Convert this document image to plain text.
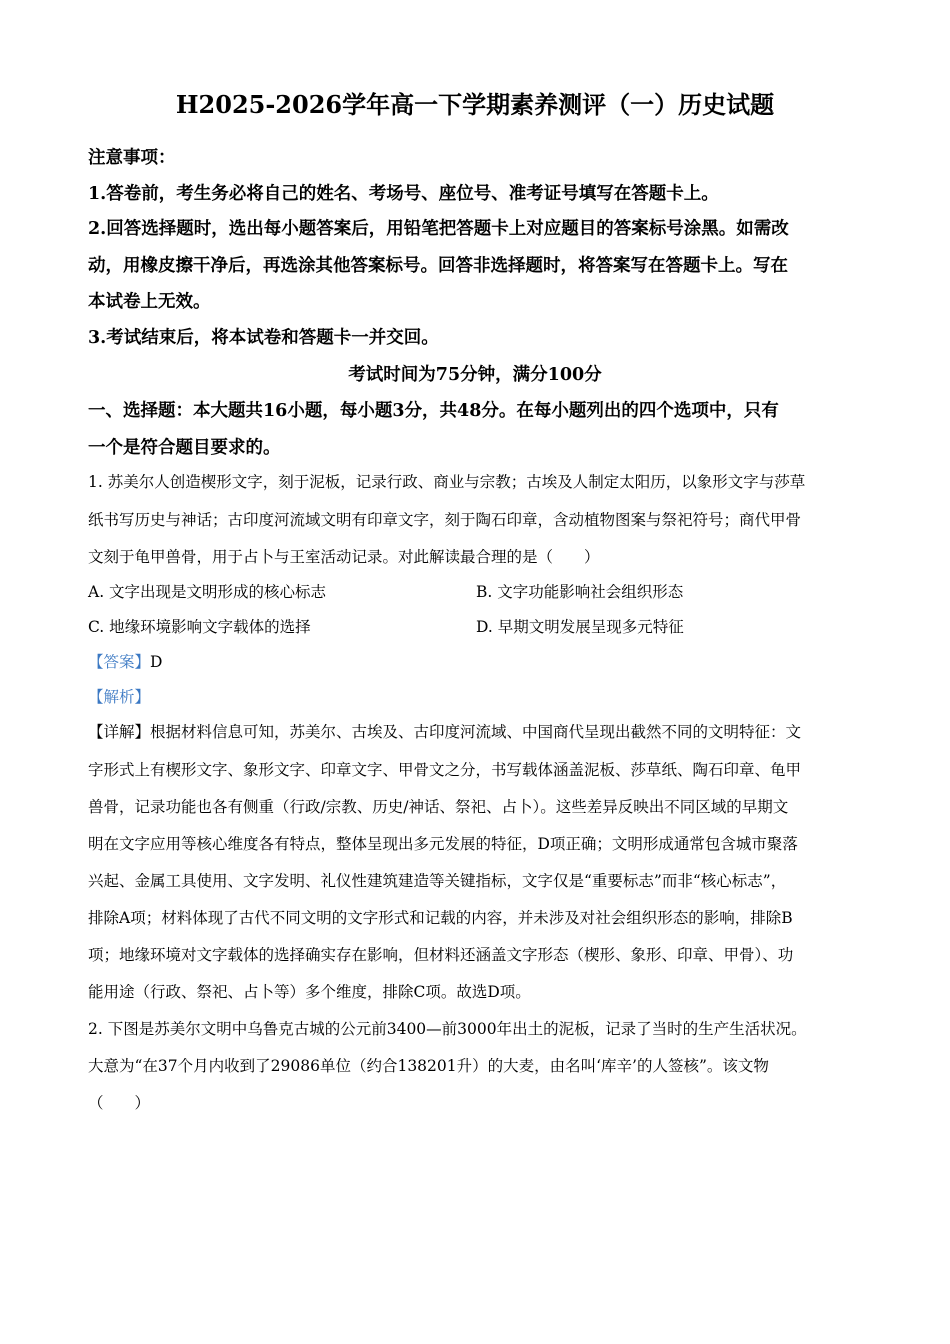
H2025-2026学年高一下学期素养测评（一）历史试题
注意事项：
1.答卷前，考生务必将自己的姓名、考场号、座位号、准考证号填写在答题卡上。
2.回答选择题时，选出每小题答案后，用铅笔把答题卡上对应题目的答案标号涂黑。如需改
动，用橡皮擦干净后，再选涂其他答案标号。回答非选择题时，将答案写在答题卡上。写在
本试卷上无效。
3.考试结束后，将本试卷和答题卡一并交回。
考试时间为75分钟，满分100分
一、选择题：本大题共16小题，每小题3分，共48分。在每小题列出的四个选项中，只有
一个是符合题目要求的。
1. 苏美尔人创造楔形文字，刻于泥板，记录行政、商业与宗教；古埃及人制定太阳历，以象形文字与莎草
纸书写历史与神话；古印度河流域文明有印章文字，刻于陶石印章，含动植物图案与祭祀符号；商代甲骨
文刻于龟甲兽骨，用于占卜与王室活动记录。对此解读最合理的是（　　）
A. 文字出现是文明形成的核心标志	B. 文字功能影响社会组织形态
C. 地缘环境影响文字载体的选择	D. 早期文明发展呈现多元特征
【答案】D
【解析】
【详解】根据材料信息可知，苏美尔、古埃及、古印度河流域、中国商代呈现出截然不同的文明特征：文
字形式上有楔形文字、象形文字、印章文字、甲骨文之分，书写载体涵盖泥板、莎草纸、陶石印章、龟甲
兽骨，记录功能也各有侧重（行政/宗教、历史/神话、祭祀、占卜）。这些差异反映出不同区域的早期文
明在文字应用等核心维度各有特点，整体呈现出多元发展的特征，D项正确；文明形成通常包含城市聚落
兴起、金属工具使用、文字发明、礼仪性建筑建造等关键指标，文字仅是“重要标志”而非“核心标志”，
排除A项；材料体现了古代不同文明的文字形式和记载的内容，并未涉及对社会组织形态的影响，排除B
项；地缘环境对文字载体的选择确实存在影响，但材料还涵盖文字形态（楔形、象形、印章、甲骨）、功
能用途（行政、祭祀、占卜等）多个维度，排除C项。故选D项。
2. 下图是苏美尔文明中乌鲁克古城的公元前3400—前3000年出土的泥板，记录了当时的生产生活状况。
大意为“在37个月内收到了29086单位（约合138201升）的大麦，由名叫‘库辛’的人签核”。该文物
（　　）
